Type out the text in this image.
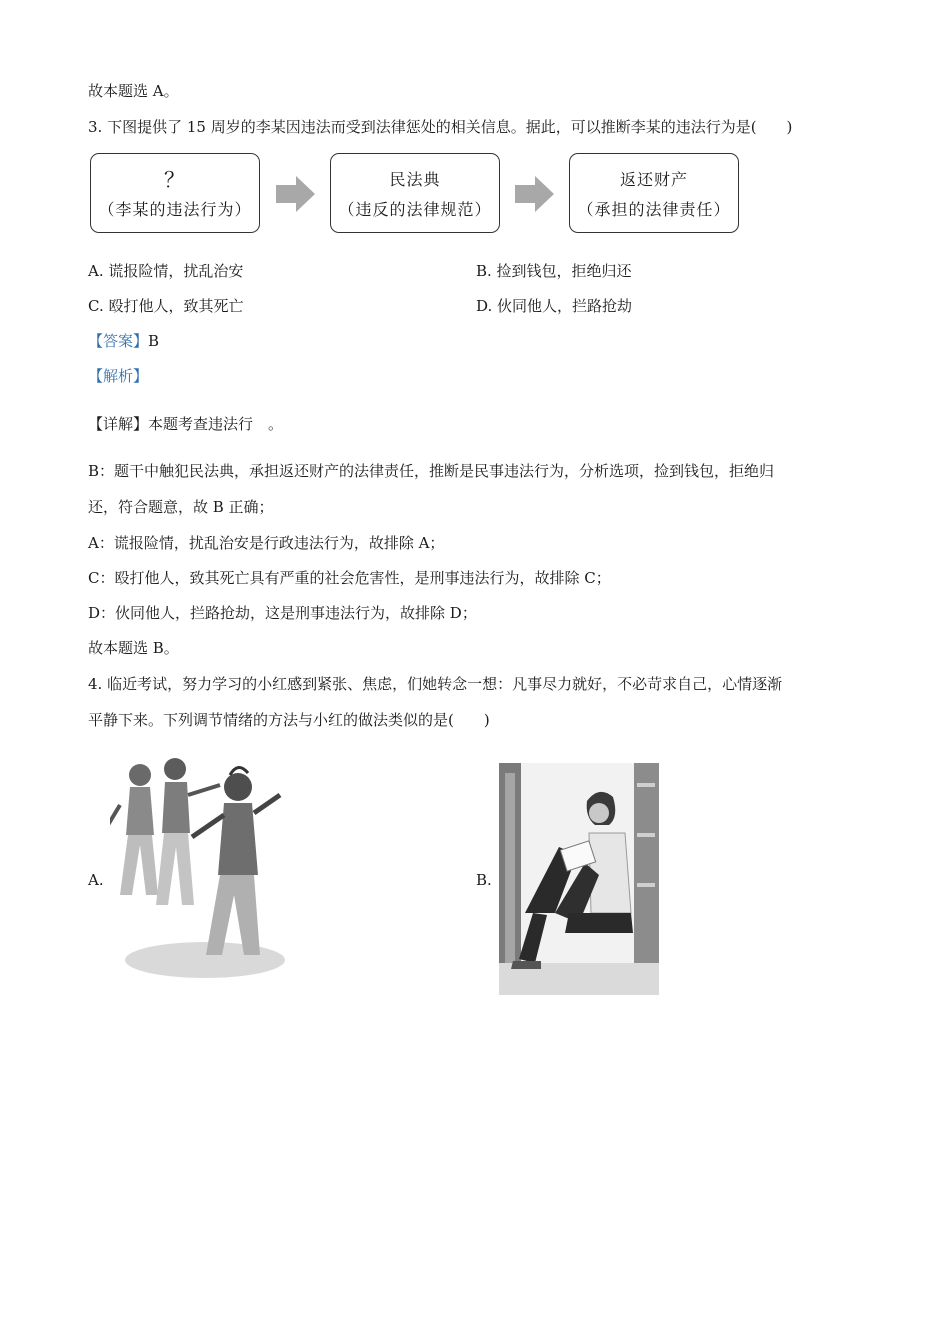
故本题选 A。
3. 下图提供了 15 周岁的李某因违法而受到法律惩处的相关信息。据此，可以推断李某的违法行为是(　　)
？
（李某的违法行为）
民法典
（违反的法律规范）
返还财产
（承担的法律责任）
A. 谎报险情，扰乱治安	B. 捡到钱包，拒绝归还
C. 殴打他人，致其死亡	D. 伙同他人，拦路抢劫
【答案】B
【解析】
【详解】本题考查违法行　。
B：题干中触犯民法典，承担返还财产的法律责任，推断是民事违法行为，分析选项，捡到钱包，拒绝归
还，符合题意，故 B 正确；
A：谎报险情，扰乱治安是行政违法行为，故排除 A；
C：殴打他人，致其死亡具有严重的社会危害性，是刑事违法行为，故排除 C；
D：伙同他人，拦路抢劫，这是刑事违法行为，故排除 D；
故本题选 B。
4. 临近考试，努力学习的小红感到紧张、焦虑，们她转念一想：凡事尽力就好，不必苛求自己，心情逐渐
平静下来。下列调节情绪的方法与小红的做法类似的是(　　)
A.	B.
